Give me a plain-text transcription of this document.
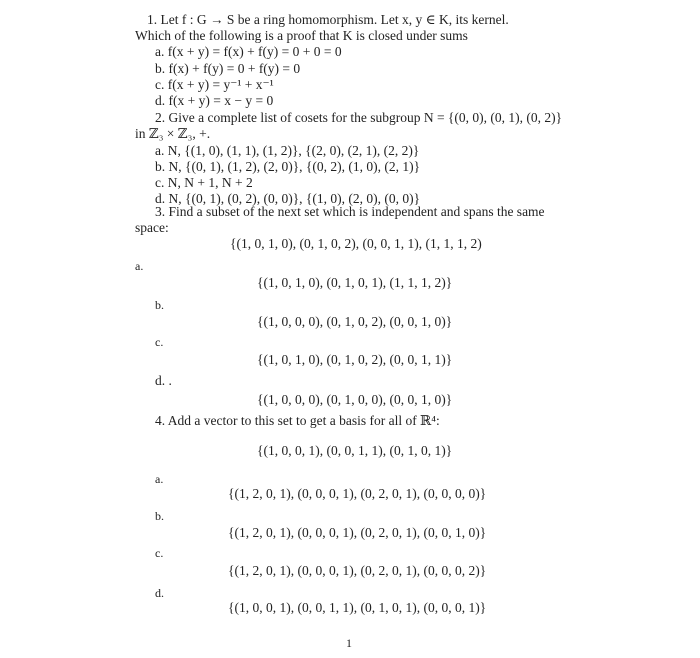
1. Let f : G → S be a ring homomorphism. Let x, y ∈ K, its kernel.
Which of the following is a proof that K is closed under sums
a. f(x + y) = f(x) + f(y) = 0 + 0 = 0
b. f(x) + f(y) = 0 + f(y) = 0
c. f(x + y) = y⁻¹ + x⁻¹
d. f(x + y) = x − y = 0
2. Give a complete list of cosets for the subgroup N = {(0, 0), (0, 1), (0, 2)}
in ℤ₃ × ℤ₃, +.
a. N, {(1, 0), (1, 1), (1, 2)}, {(2, 0), (2, 1), (2, 2)}
b. N, {(0, 1), (1, 2), (2, 0)}, {(0, 2), (1, 0), (2, 1)}
c. N, N + 1, N + 2
d. N, {(0, 1), (0, 2), (0, 0)}, {(1, 0), (2, 0), (0, 0)}
3. Find a subset of the next set which is independent and spans the same
space:
{(1, 0, 1, 0), (0, 1, 0, 2), (0, 0, 1, 1), (1, 1, 1, 2)
a.
{(1, 0, 1, 0), (0, 1, 0, 1), (1, 1, 1, 2)}
b.
{(1, 0, 0, 0), (0, 1, 0, 2), (0, 0, 1, 0)}
c.
{(1, 0, 1, 0), (0, 1, 0, 2), (0, 0, 1, 1)}
d. .
{(1, 0, 0, 0), (0, 1, 0, 0), (0, 0, 1, 0)}
4. Add a vector to this set to get a basis for all of ℝ⁴:
{(1, 0, 0, 1), (0, 0, 1, 1), (0, 1, 0, 1)}
a.
{(1, 2, 0, 1), (0, 0, 0, 1), (0, 2, 0, 1), (0, 0, 0, 0)}
b.
{(1, 2, 0, 1), (0, 0, 0, 1), (0, 2, 0, 1), (0, 0, 1, 0)}
c.
{(1, 2, 0, 1), (0, 0, 0, 1), (0, 2, 0, 1), (0, 0, 0, 2)}
d.
{(1, 0, 0, 1), (0, 0, 1, 1), (0, 1, 0, 1), (0, 0, 0, 1)}
1
